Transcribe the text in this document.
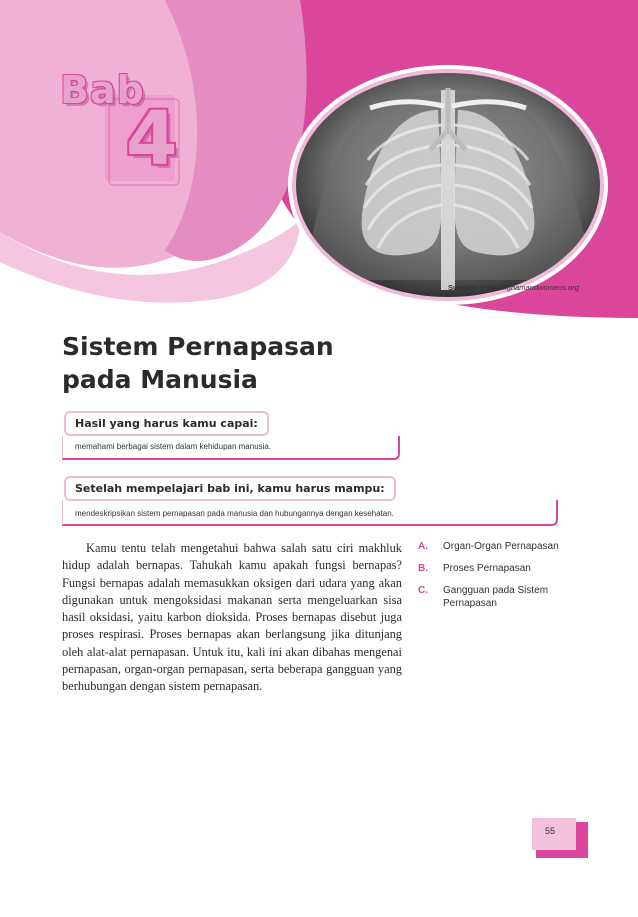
Bab
4
Sumber: www.brighamandwomens.org
Sistem Pernapasan
pada Manusia
memahami berbagai sistem dalam kehidupan manusia.
Hasil yang harus kamu capai:
mendeskripsikan sistem pernapasan pada manusia dan hubungannya dengan kesehatan.
Setelah mempelajari bab ini, kamu harus mampu:

Kamu tentu telah mengetahui bahwa salah satu ciri makhluk hidup adalah bernapas. Tahukah kamu apakah fungsi bernapas? Fungsi bernapas adalah memasukkan oksigen dari udara yang akan digunakan untuk mengoksidasi makanan serta mengeluarkan sisa hasil oksidasi, yaitu karbon dioksida. Proses bernapas disebut juga proses respirasi. Proses bernapas akan berlangsung jika ditunjang oleh alat-alat pernapasan. Untuk itu, kali ini akan dibahas mengenai pernapasan, organ-organ pernapasan, serta beberapa gangguan yang berhubungan dengan sistem pernapasan.

A.	Organ-Organ Pernapasan
B.	Proses Pernapasan
C.	Gangguan pada Sistem Pernapasan
55
